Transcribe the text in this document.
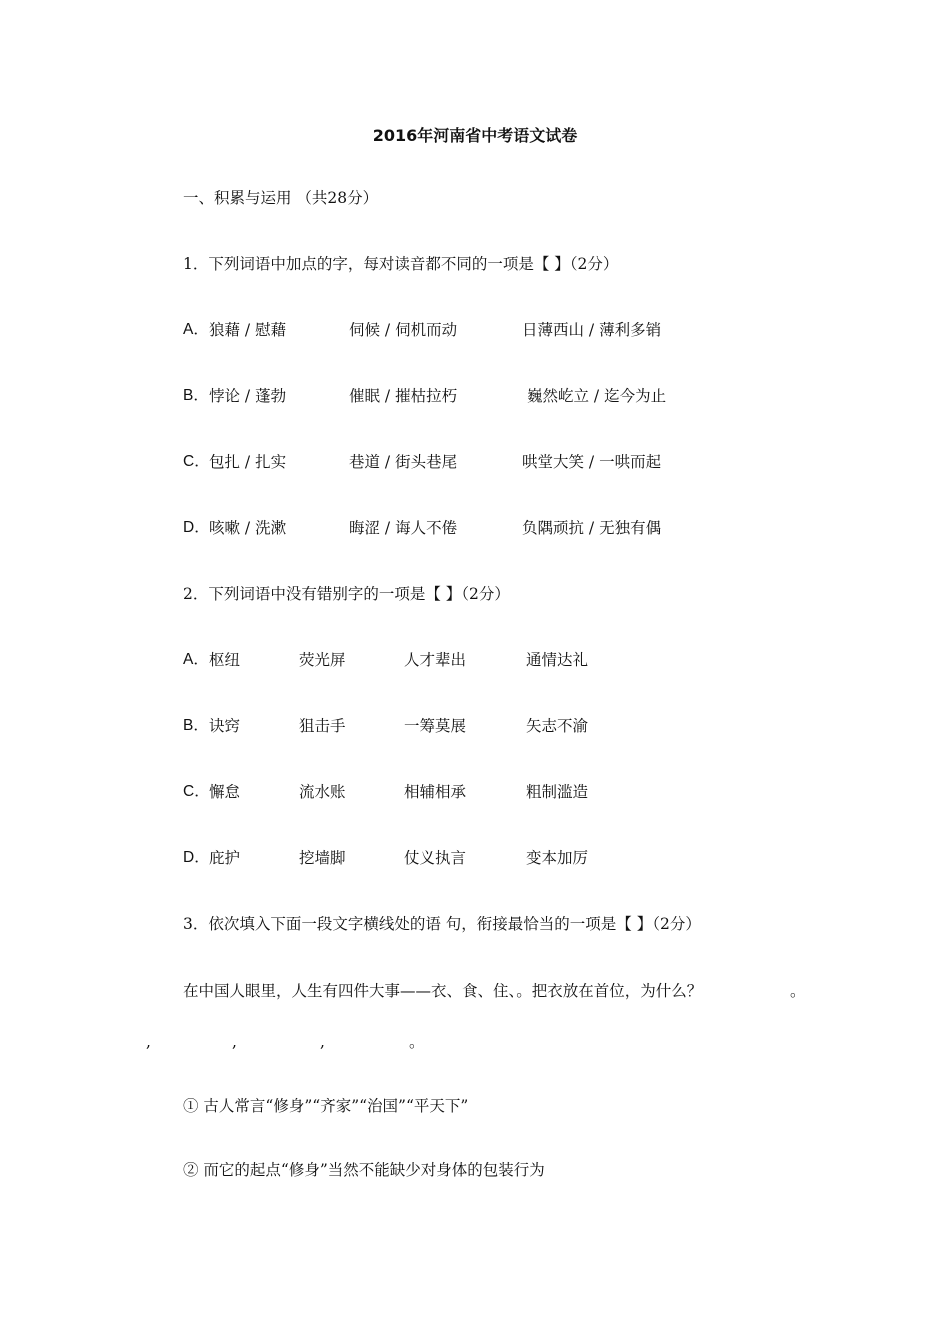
2016年河南省中考语文试卷
一、积累与运用 （共28分）
1．下列词语中加点的字，每对读音都不同的一项是【 】（2分）
A． 狼藉 / 慰藉	伺候 / 伺机而动	日薄西山 / 薄利多销
B． 悖论 / 蓬勃	催眠 / 摧枯拉朽	巍然屹立 / 迄今为止
C． 包扎 / 扎实	巷道 / 街头巷尾	哄堂大笑 / 一哄而起
D． 咳嗽 / 洗漱	晦涩 / 诲人不倦	负隅顽抗 / 无独有偶
2．下列词语中没有错别字的一项是【 】（2分）
A． 枢纽	荧光屏	人才辈出	通情达礼
B． 诀窍	狙击手	一筹莫展	矢志不渝
C． 懈怠	流水账	相辅相承	粗制滥造
D． 庇护	挖墙脚	仗义执言	变本加厉
3．依次填入下面一段文字横线处的语 句，衔接最恰当的一项是【 】（2分）
在中国人眼里，人生有四件大事——衣、食、住、。把衣放在首位，为什么？	。
,	,	,	。
① 古人常言“修身”“齐家”“治国”“平天下”
② 而它的起点“修身”当然不能缺少对身体的包装行为
